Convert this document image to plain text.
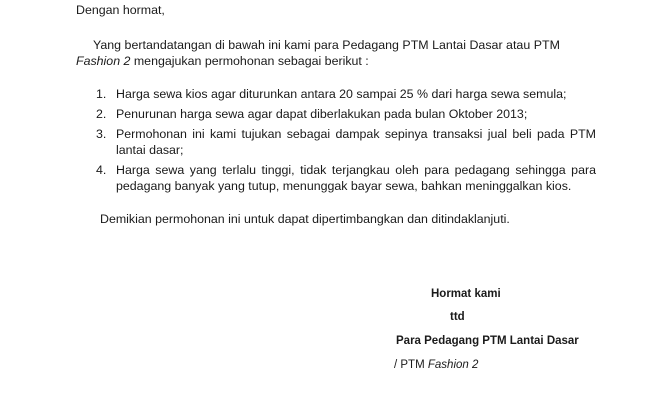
Dengan hormat,
Yang bertandatangan di bawah ini kami para Pedagang PTM Lantai Dasar atau PTM
Fashion 2 mengajukan permohonan sebagai berikut :
1. Harga sewa kios agar diturunkan antara 20 sampai 25 % dari harga sewa semula;
2. Penurunan harga sewa agar dapat diberlakukan pada bulan Oktober 2013;
3. Permohonan ini kami tujukan sebagai dampak sepinya transaksi jual beli pada PTM lantai dasar;
4. Harga sewa yang terlalu tinggi, tidak terjangkau oleh para pedagang sehingga para pedagang banyak yang tutup, menunggak bayar sewa, bahkan meninggalkan kios.
Demikian permohonan ini untuk dapat dipertimbangkan dan ditindaklanjuti.
Hormat kami
ttd
Para Pedagang PTM Lantai Dasar
/ PTM Fashion 2
